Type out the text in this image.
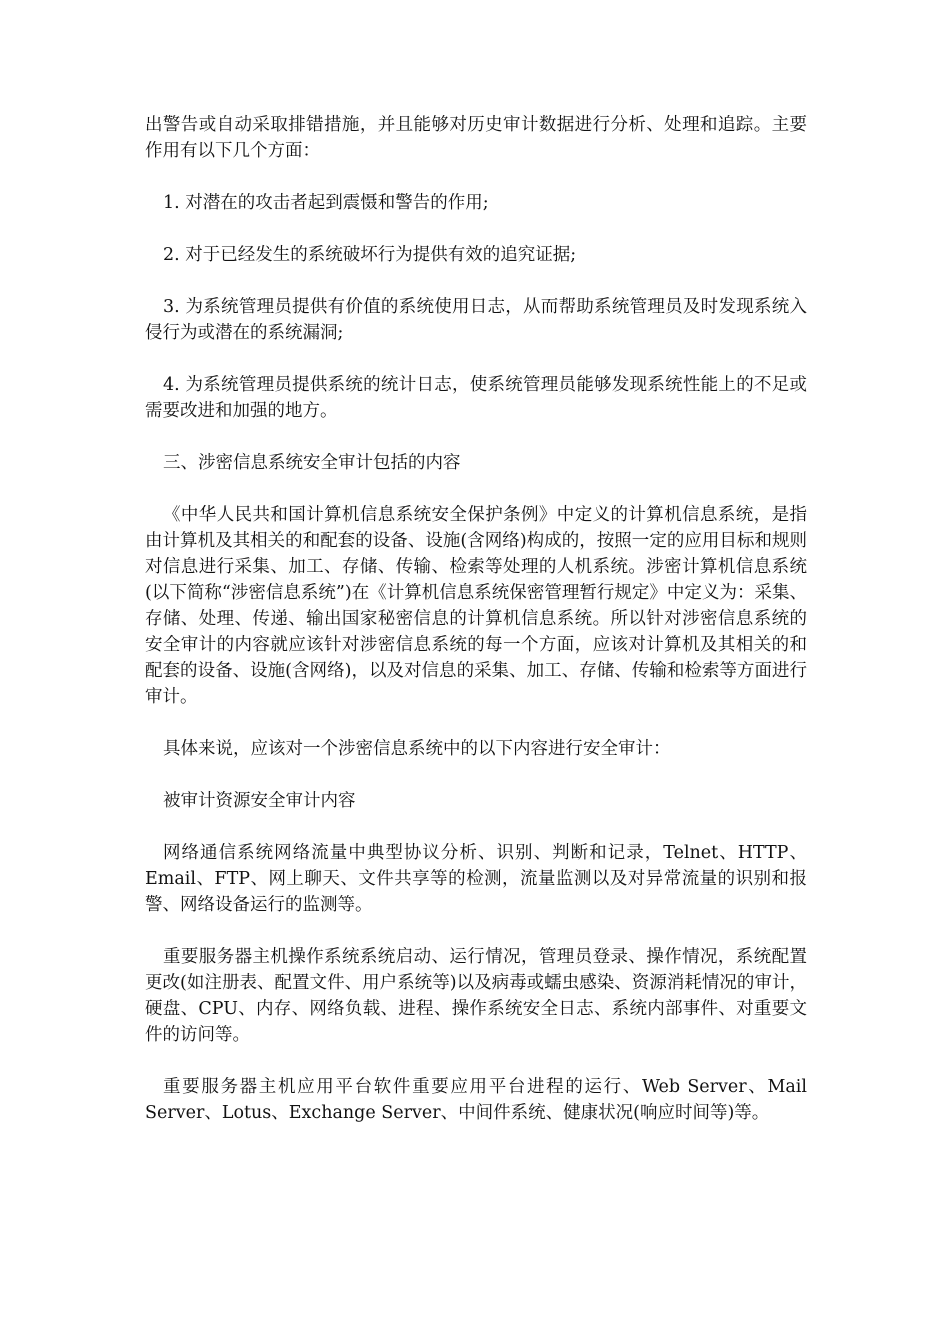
出警告或自动采取排错措施，并且能够对历史审计数据进行分析、处理和追踪。主要作用有以下几个方面：

1. 对潜在的攻击者起到震慑和警告的作用;

2. 对于已经发生的系统破坏行为提供有效的追究证据;

3. 为系统管理员提供有价值的系统使用日志，从而帮助系统管理员及时发现系统入侵行为或潜在的系统漏洞;

4. 为系统管理员提供系统的统计日志，使系统管理员能够发现系统性能上的不足或需要改进和加强的地方。

三、涉密信息系统安全审计包括的内容

《中华人民共和国计算机信息系统安全保护条例》中定义的计算机信息系统，是指由计算机及其相关的和配套的设备、设施(含网络)构成的，按照一定的应用目标和规则对信息进行采集、加工、存储、传输、检索等处理的人机系统。涉密计算机信息系统(以下简称“涉密信息系统”)在《计算机信息系统保密管理暂行规定》中定义为：采集、存储、处理、传递、输出国家秘密信息的计算机信息系统。所以针对涉密信息系统的安全审计的内容就应该针对涉密信息系统的每一个方面，应该对计算机及其相关的和配套的设备、设施(含网络)，以及对信息的采集、加工、存储、传输和检索等方面进行审计。

具体来说，应该对一个涉密信息系统中的以下内容进行安全审计：

被审计资源安全审计内容

网络通信系统网络流量中典型协议分析、识别、判断和记录，Telnet、HTTP、Email、FTP、网上聊天、文件共享等的检测，流量监测以及对异常流量的识别和报警、网络设备运行的监测等。

重要服务器主机操作系统系统启动、运行情况，管理员登录、操作情况，系统配置更改(如注册表、配置文件、用户系统等)以及病毒或蠕虫感染、资源消耗情况的审计，硬盘、CPU、内存、网络负载、进程、操作系统安全日志、系统内部事件、对重要文件的访问等。

重要服务器主机应用平台软件重要应用平台进程的运行、Web Server、Mail Server、Lotus、Exchange Server、中间件系统、健康状况(响应时间等)等。
